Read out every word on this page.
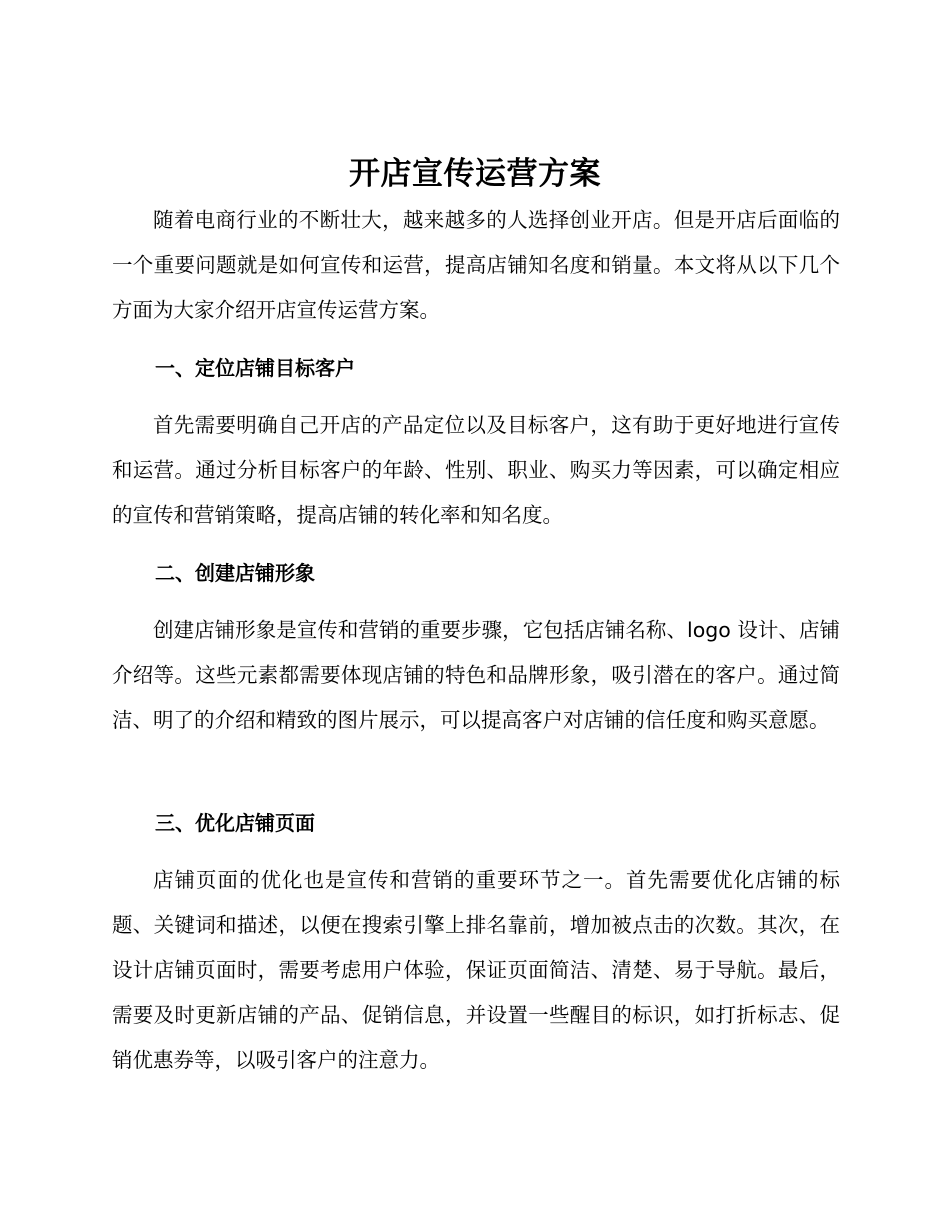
开店宣传运营方案

随着电商行业的不断壮大，越来越多的人选择创业开店。但是开店后面临的一个重要问题就是如何宣传和运营，提高店铺知名度和销量。本文将从以下几个方面为大家介绍开店宣传运营方案。

一、定位店铺目标客户

首先需要明确自己开店的产品定位以及目标客户，这有助于更好地进行宣传和运营。通过分析目标客户的年龄、性别、职业、购买力等因素，可以确定相应的宣传和营销策略，提高店铺的转化率和知名度。

二、创建店铺形象

创建店铺形象是宣传和营销的重要步骤，它包括店铺名称、logo 设计、店铺介绍等。这些元素都需要体现店铺的特色和品牌形象，吸引潜在的客户。通过简洁、明了的介绍和精致的图片展示，可以提高客户对店铺的信任度和购买意愿。

三、优化店铺页面

店铺页面的优化也是宣传和营销的重要环节之一。首先需要优化店铺的标题、关键词和描述，以便在搜索引擎上排名靠前，增加被点击的次数。其次，在设计店铺页面时，需要考虑用户体验，保证页面简洁、清楚、易于导航。最后，需要及时更新店铺的产品、促销信息，并设置一些醒目的标识，如打折标志、促销优惠券等，以吸引客户的注意力。
